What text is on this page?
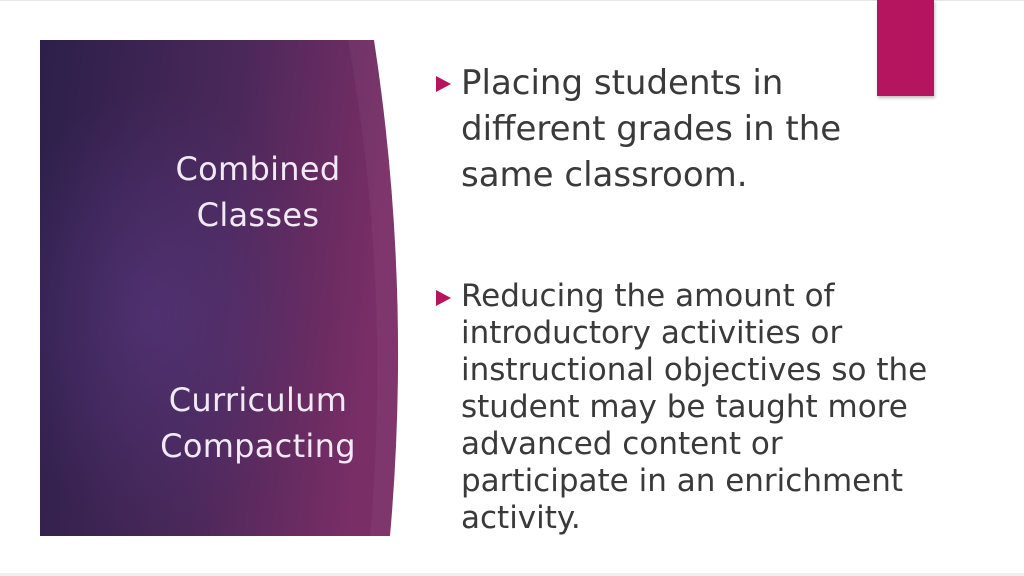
Combined
Classes
Curriculum
Compacting
Placing students in
different grades in the
same classroom.
Reducing the amount of
introductory activities or
instructional objectives so the
student may be taught more
advanced content or
participate in an enrichment
activity.
